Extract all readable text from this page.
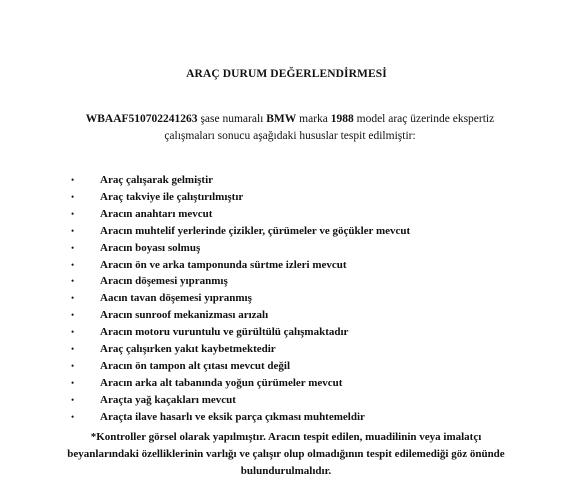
ARAÇ DURUM DEĞERLENDİRMESİ
WBAAF510702241263 şase numaralı BMW marka 1988 model araç üzerinde ekspertiz çalışmaları sonucu aşağıdaki hususlar tespit edilmiştir:
• Araç çalışarak gelmiştir
• Araç takviye ile çalıştırılmıştır
• Aracın anahtarı mevcut
• Aracın muhtelif yerlerinde çizikler, çürümeler ve göçükler mevcut
• Aracın boyası solmuş
• Aracın ön ve arka tamponunda sürtme izleri mevcut
• Aracın döşemesi yıpranmış
• Aacın tavan döşemesi yıpranmış
• Aracın sunroof mekanizması arızalı
• Aracın motoru vuruntulu ve gürültülü çalışmaktadır
• Araç çalışırken yakıt kaybetmektedir
• Aracın ön tampon alt çıtası mevcut değil
• Aracın arka alt tabanında yoğun çürümeler mevcut
• Araçta yağ kaçakları mevcut
• Araçta ilave hasarlı ve eksik parça çıkması muhtemeldir
*Kontroller görsel olarak yapılmıştır. Aracın tespit edilen, muadilinin veya imalatçı beyanlarındaki özelliklerinin varlığı ve çalışır olup olmadığının tespit edilemediği göz önünde bulundurulmalıdır.
